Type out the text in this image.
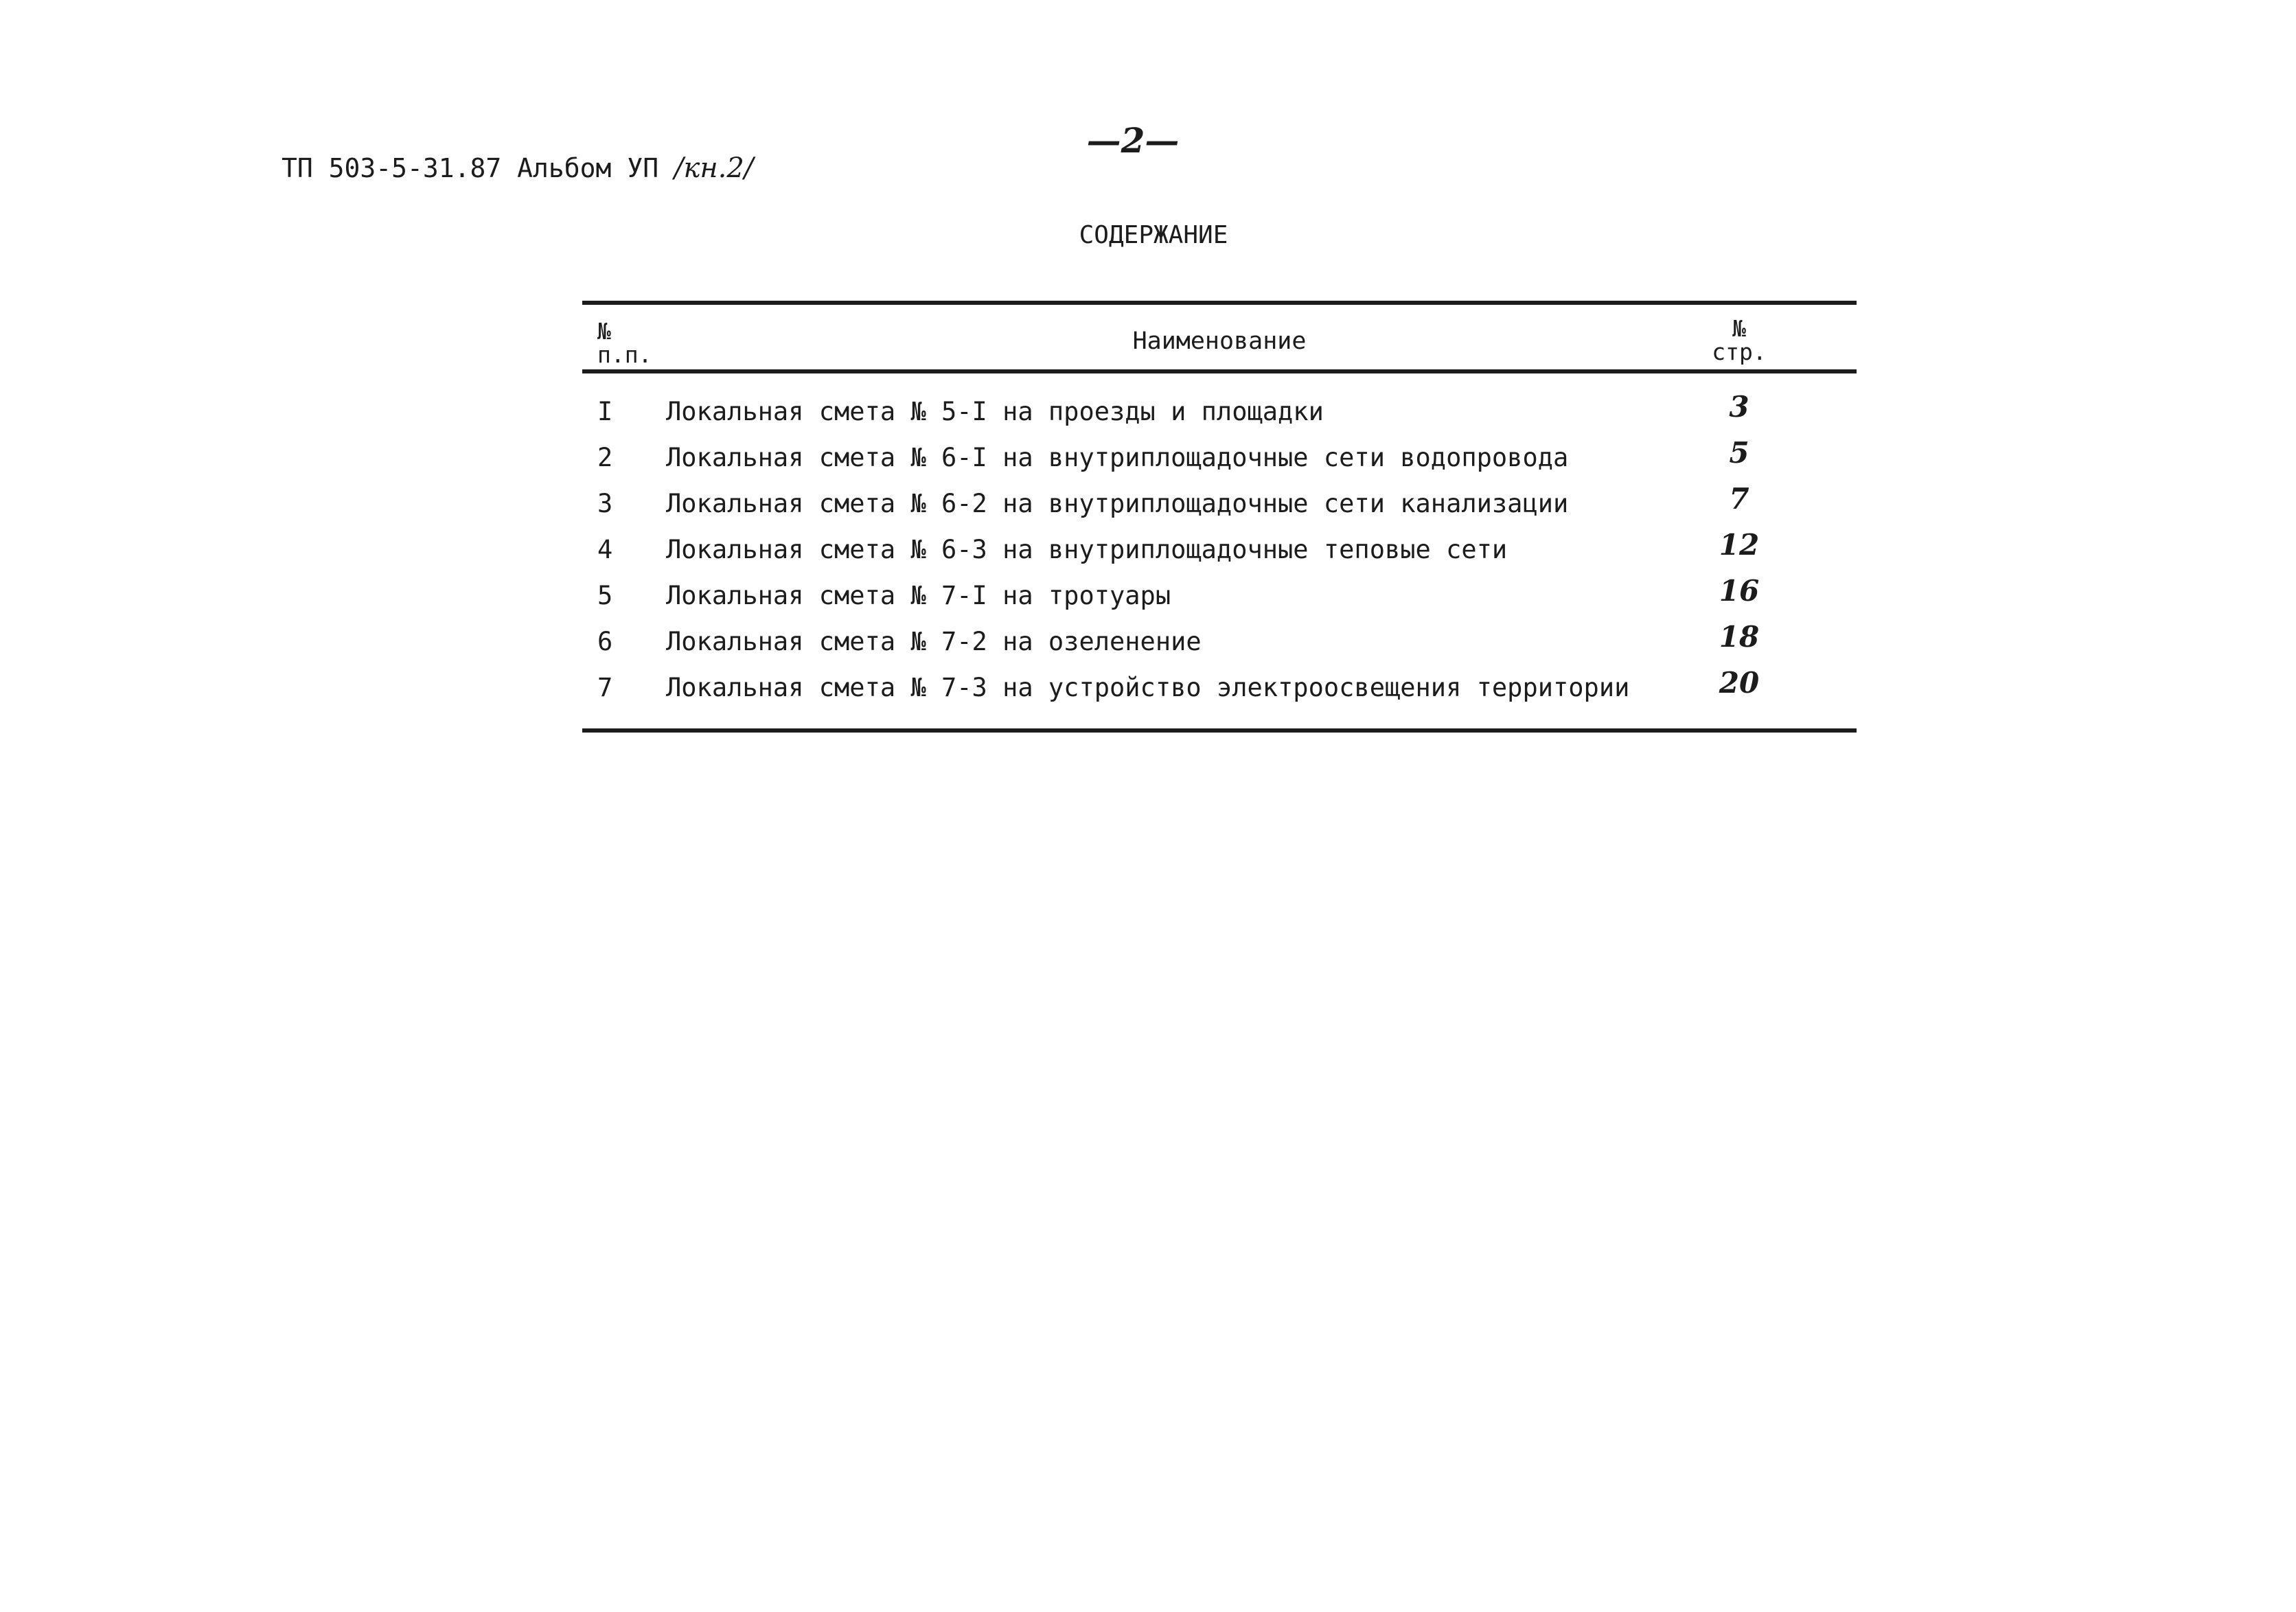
ТП 503-5-31.87 Альбом УП /кн.2/
—2—
СОДЕРЖАНИЕ
№ п.п.	Наименование	№ стр.
I Локальная смета № 5-I на проезды и площадки	3
2 Локальная смета № 6-I на внутриплощадочные сети водопровода	5
3 Локальная смета № 6-2 на внутриплощадочные сети канализации	7
4 Локальная смета № 6-3 на внутриплощадочные теповые сети	12
5 Локальная смета № 7-I на тротуары	16
6 Локальная смета № 7-2 на озеленение	18
7 Локальная смета № 7-3 на устройство электроосвещения территории	20
